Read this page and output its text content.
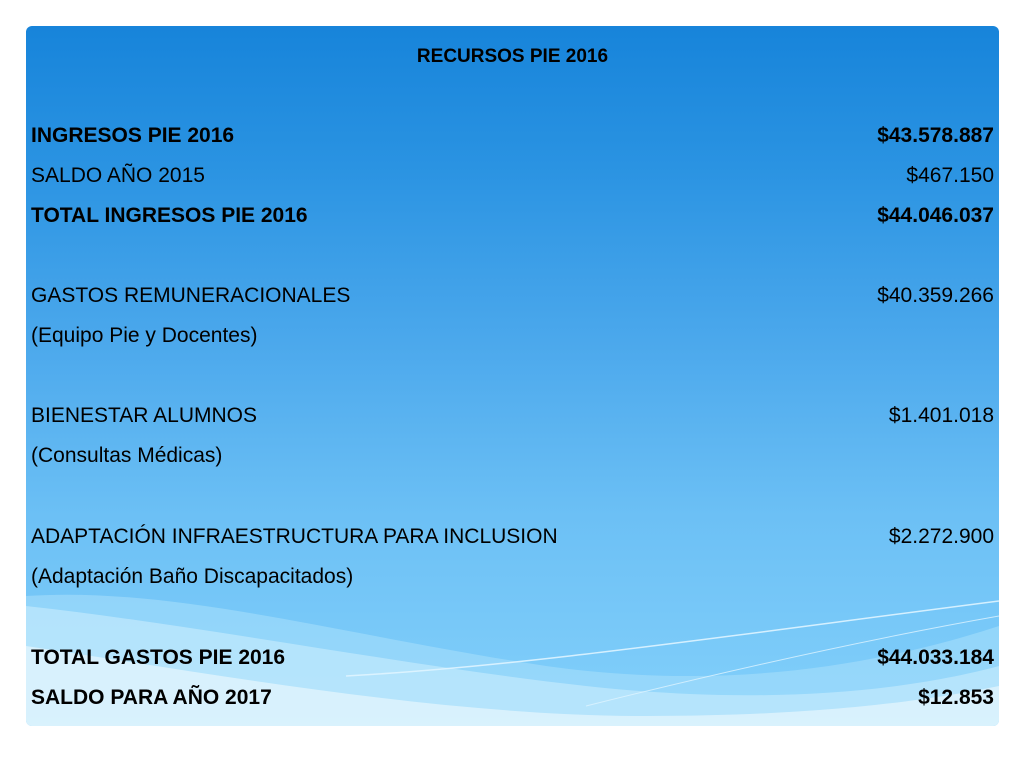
RECURSOS PIE 2016
INGRESOS PIE 2016	$43.578.887
SALDO AÑO 2015	$467.150
TOTAL INGRESOS PIE 2016	$44.046.037
GASTOS REMUNERACIONALES	$40.359.266
(Equipo Pie y Docentes)
BIENESTAR ALUMNOS	$1.401.018
(Consultas Médicas)
ADAPTACIÓN INFRAESTRUCTURA PARA INCLUSION	$2.272.900
(Adaptación Baño Discapacitados)
TOTAL GASTOS PIE 2016	$44.033.184
SALDO PARA AÑO 2017	$12.853
